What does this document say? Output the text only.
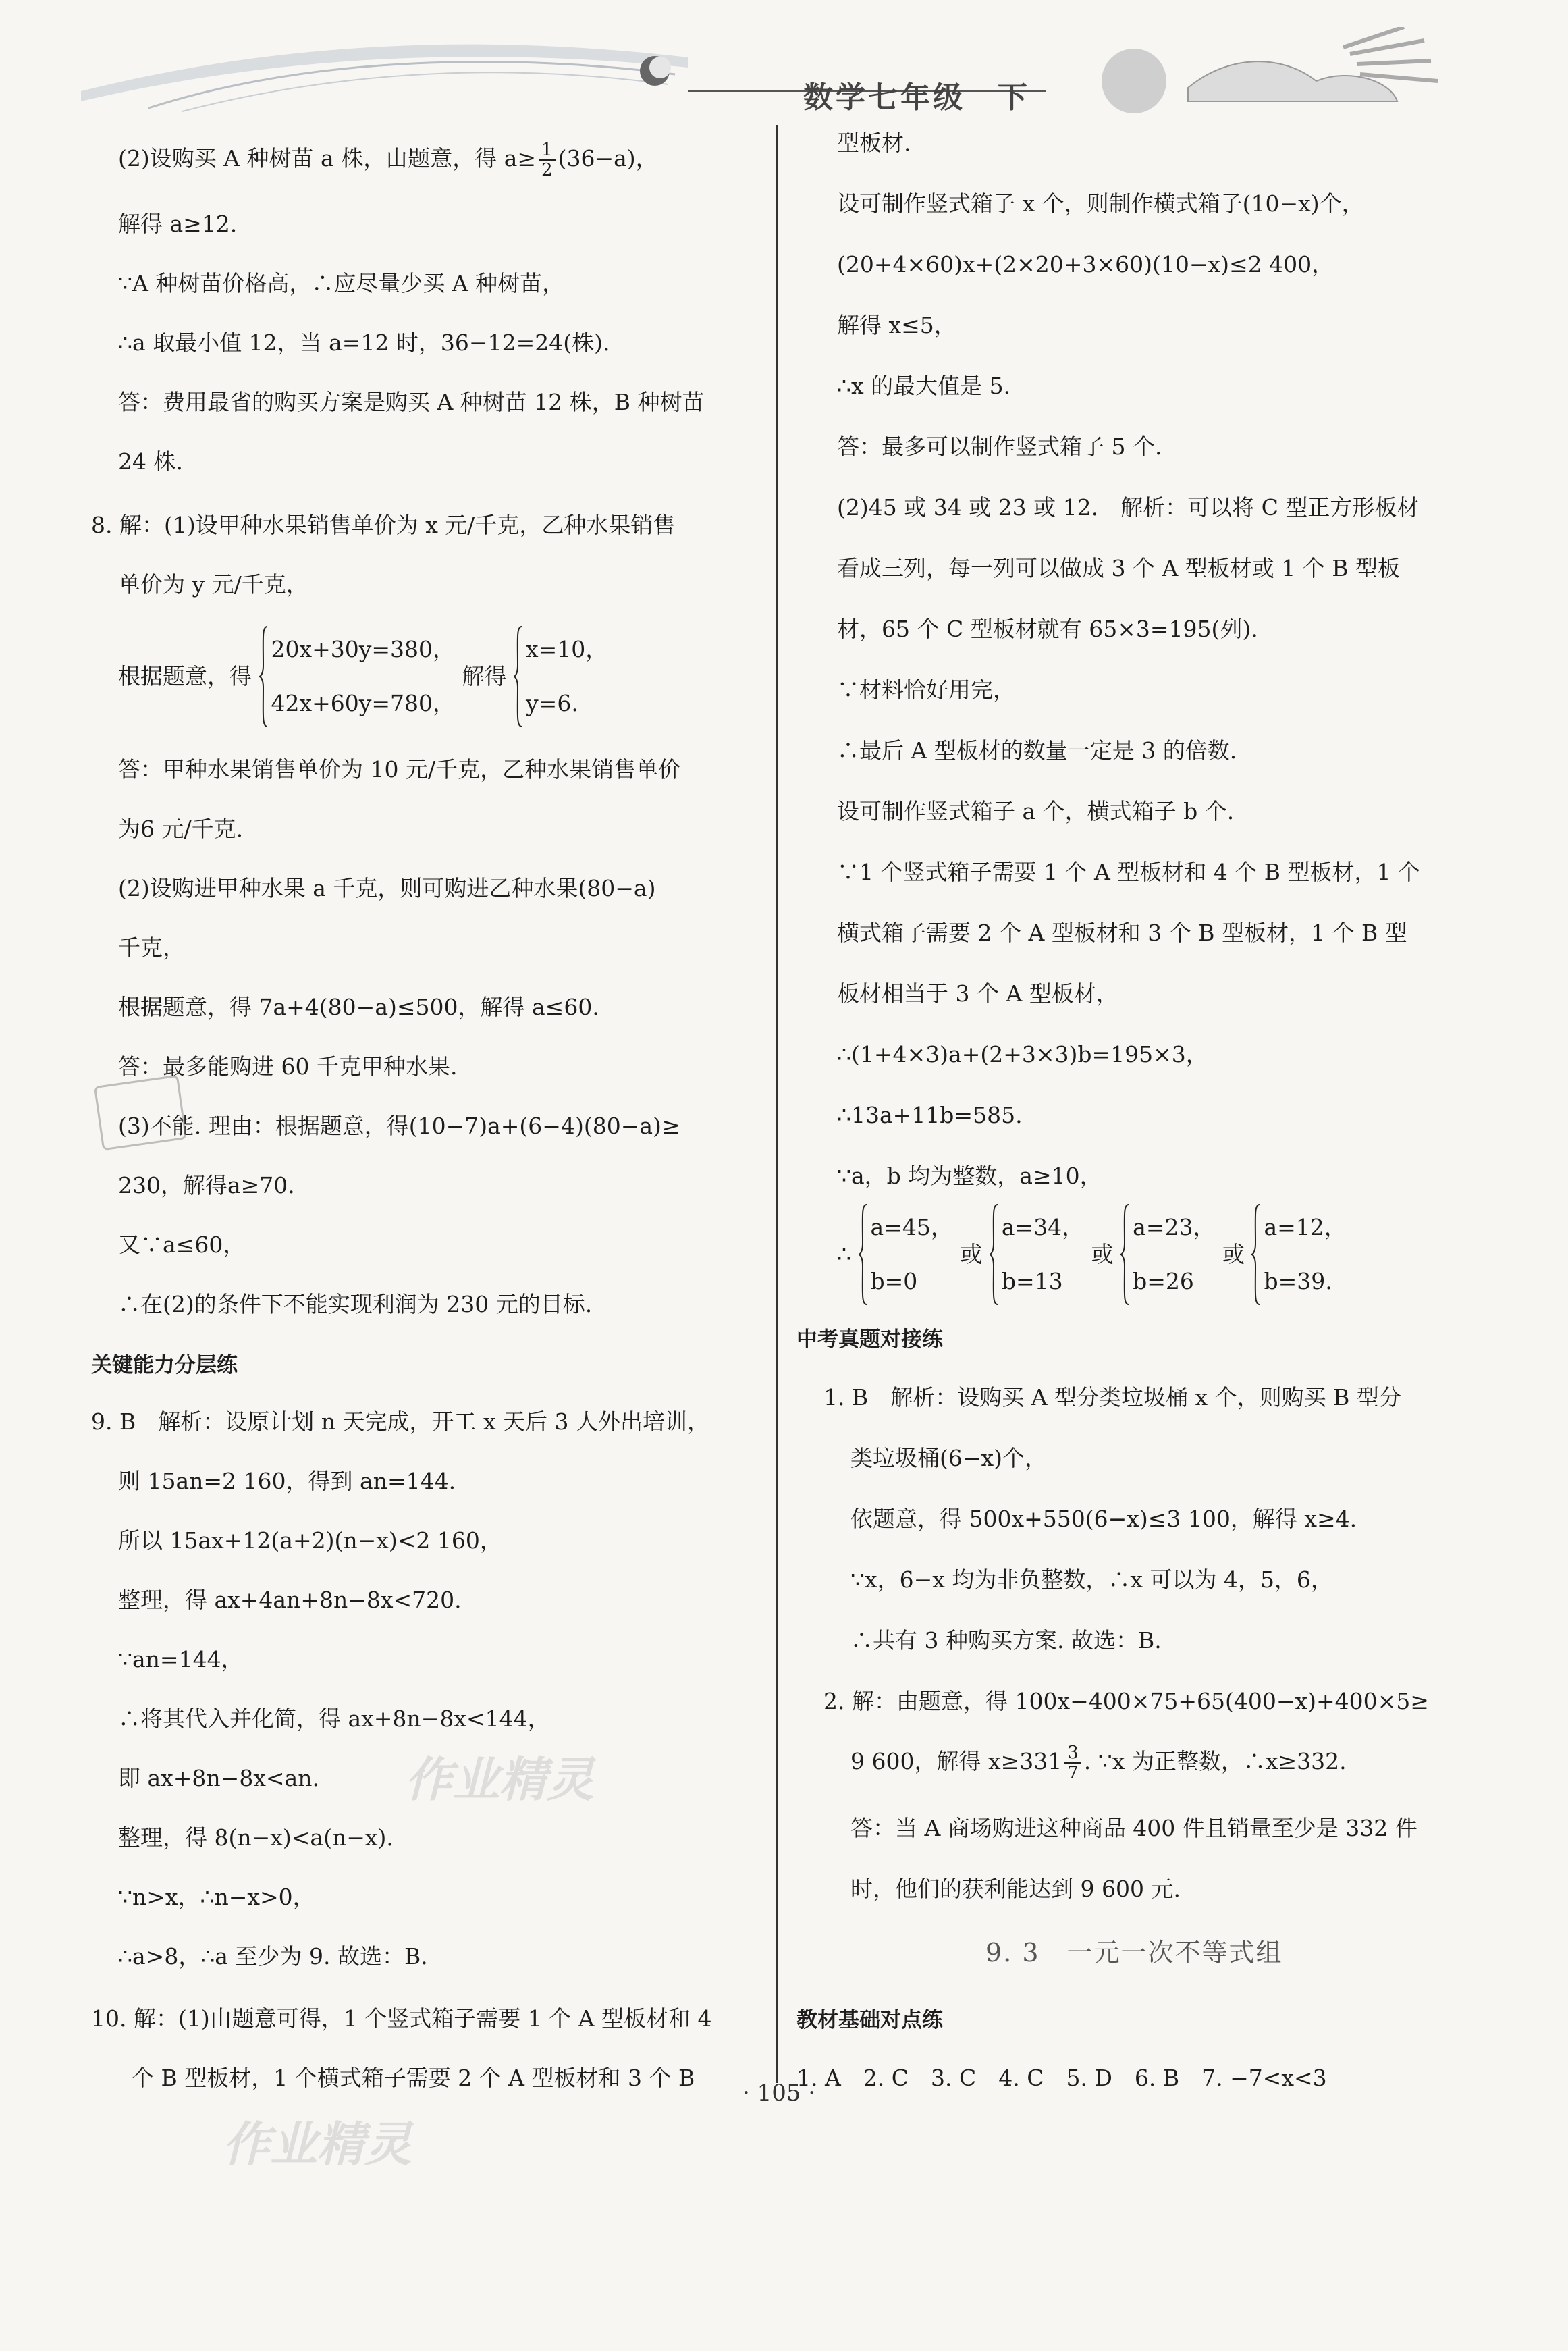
数学七年级　下
(2)设购买 A 种树苗 a 株，由题意，得 $a\ge \frac{1}{2} (36-a)$，
解得 a≥12.
∵A 种树苗价格高，∴应尽量少买 A 种树苗，
∴a 取最小值 12，当 a=12 时，36−12=24(株).
答：费用最省的购买方案是购买 A 种树苗 12 株，B 种树苗
24 株.
8. 解：(1)设甲种水果销售单价为 x 元/千克，乙种水果销售
单价为 y 元/千克，
根据题意，得
20x+30y=380，
42x+60y=780，
解得
x=10，
y=6.
答：甲种水果销售单价为 10 元/千克，乙种水果销售单价
为6 元/千克.
(2)设购进甲种水果 a 千克，则可购进乙种水果(80−a)
千克，
根据题意，得 7a+4(80−a)≤500，解得 a≤60.
答：最多能购进 60 千克甲种水果.
(3)不能. 理由：根据题意，得(10−7)a+(6−4)(80−a)≥
230，解得a≥70.
又∵a≤60，
∴在(2)的条件下不能实现利润为 230 元的目标.
关键能力分层练
9. B　解析：设原计划 n 天完成，开工 x 天后 3 人外出培训，
则 15an=2 160，得到 an=144.
所以 15ax+12(a+2)(n−x)<2 160，
整理，得 ax+4an+8n−8x<720.
∵an=144，
∴将其代入并化简，得 ax+8n−8x<144，
即 ax+8n−8x<an.
整理，得 8(n−x)<a(n−x).
∵n>x，∴n−x>0，
∴a>8，∴a 至少为 9. 故选：B.
10. 解：(1)由题意可得，1 个竖式箱子需要 1 个 A 型板材和 4
个 B 型板材，1 个横式箱子需要 2 个 A 型板材和 3 个 B
型板材.
设可制作竖式箱子 x 个，则制作横式箱子(10−x)个，
(20+4×60)x+(2×20+3×60)(10−x)≤2 400，
解得 x≤5，
∴x 的最大值是 5.
答：最多可以制作竖式箱子 5 个.
(2)45 或 34 或 23 或 12.　解析：可以将 C 型正方形板材
看成三列，每一列可以做成 3 个 A 型板材或 1 个 B 型板
材，65 个 C 型板材就有 65×3=195(列).
∵材料恰好用完，
∴最后 A 型板材的数量一定是 3 的倍数.
设可制作竖式箱子 a 个，横式箱子 b 个.
∵1 个竖式箱子需要 1 个 A 型板材和 4 个 B 型板材，1 个
横式箱子需要 2 个 A 型板材和 3 个 B 型板材，1 个 B 型
板材相当于 3 个 A 型板材，
∴(1+4×3)a+(2+3×3)b=195×3，
∴13a+11b=585.
∵a，b 均为整数，a≥10，
∴
a=45，
b=0
或
a=34，
b=13
或
a=23，
b=26
或
a=12，
b=39.
中考真题对接练
1. B　解析：设购买 A 型分类垃圾桶 x 个，则购买 B 型分
类垃圾桶(6−x)个，
依题意，得 500x+550(6−x)≤3 100，解得 x≥4.
∵x，6−x 均为非负整数，∴x 可以为 4，5，6，
∴共有 3 种购买方案. 故选：B.
2. 解：由题意，得 100x−400×75+65(400−x)+400×5≥
9 600，解得 $x\ge 331 \frac{3}{7}$ . ∵x 为正整数，∴x≥332.
答：当 A 商场购进这种商品 400 件且销量至少是 332 件
时，他们的获利能达到 9 600 元.
9. 3　一元一次不等式组
教材基础对点练
1. A　2. C　3. C　4. C　5. D　6. B　7. −7<x<3
作业精灵
作业精灵
· 105 ·
